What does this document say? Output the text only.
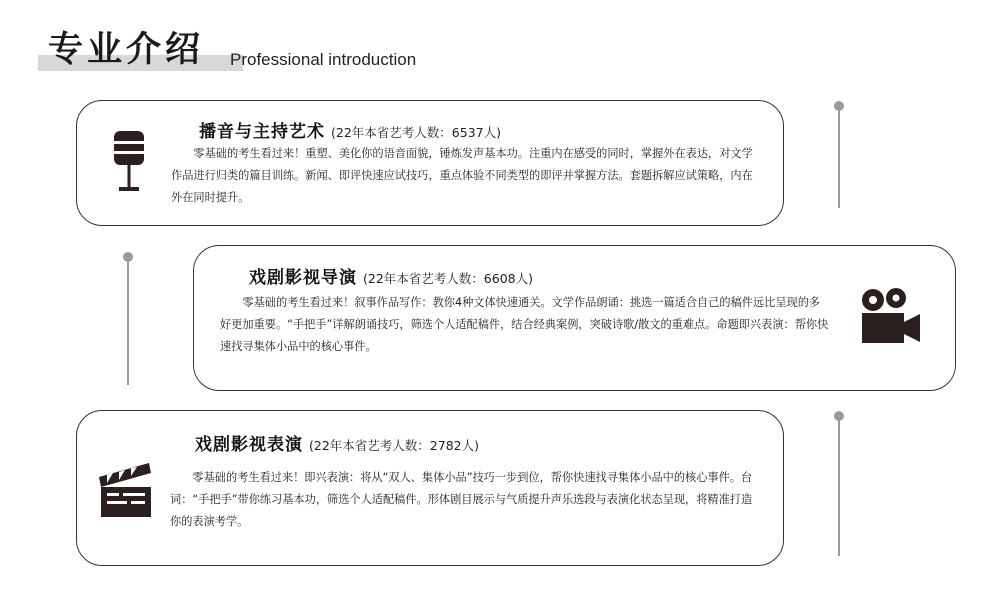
专业介绍 Professional introduction
播音与主持艺术 (22年本省艺考人数：6537人)

零基础的考生看过来！重塑、美化你的语音面貌，锤炼发声基本功。注重内在感受的同时，掌握外在表达，对文学作品进行归类的篇目训练。新闻、即评快速应试技巧，重点体验不同类型的即评并掌握方法。套题拆解应试策略，内在外在同时提升。

戏剧影视导演 (22年本省艺考人数：6608人)

零基础的考生看过来！叙事作品写作：教你4种文体快速通关。文学作品朗诵：挑选一篇适合自己的稿件远比呈现的多好更加重要。“手把手”详解朗诵技巧，筛选个人适配稿件，结合经典案例，突破诗歌/散文的重难点。命题即兴表演：帮你快速找寻集体小品中的核心事件。

戏剧影视表演 (22年本省艺考人数：2782人)

零基础的考生看过来！即兴表演：将从“双人、集体小品”技巧一步到位，帮你快速找寻集体小品中的核心事件。台词：“手把手”带你练习基本功，筛选个人适配稿件。形体剧目展示与气质提升声乐选段与表演化状态呈现，将精准打造你的表演考学。
